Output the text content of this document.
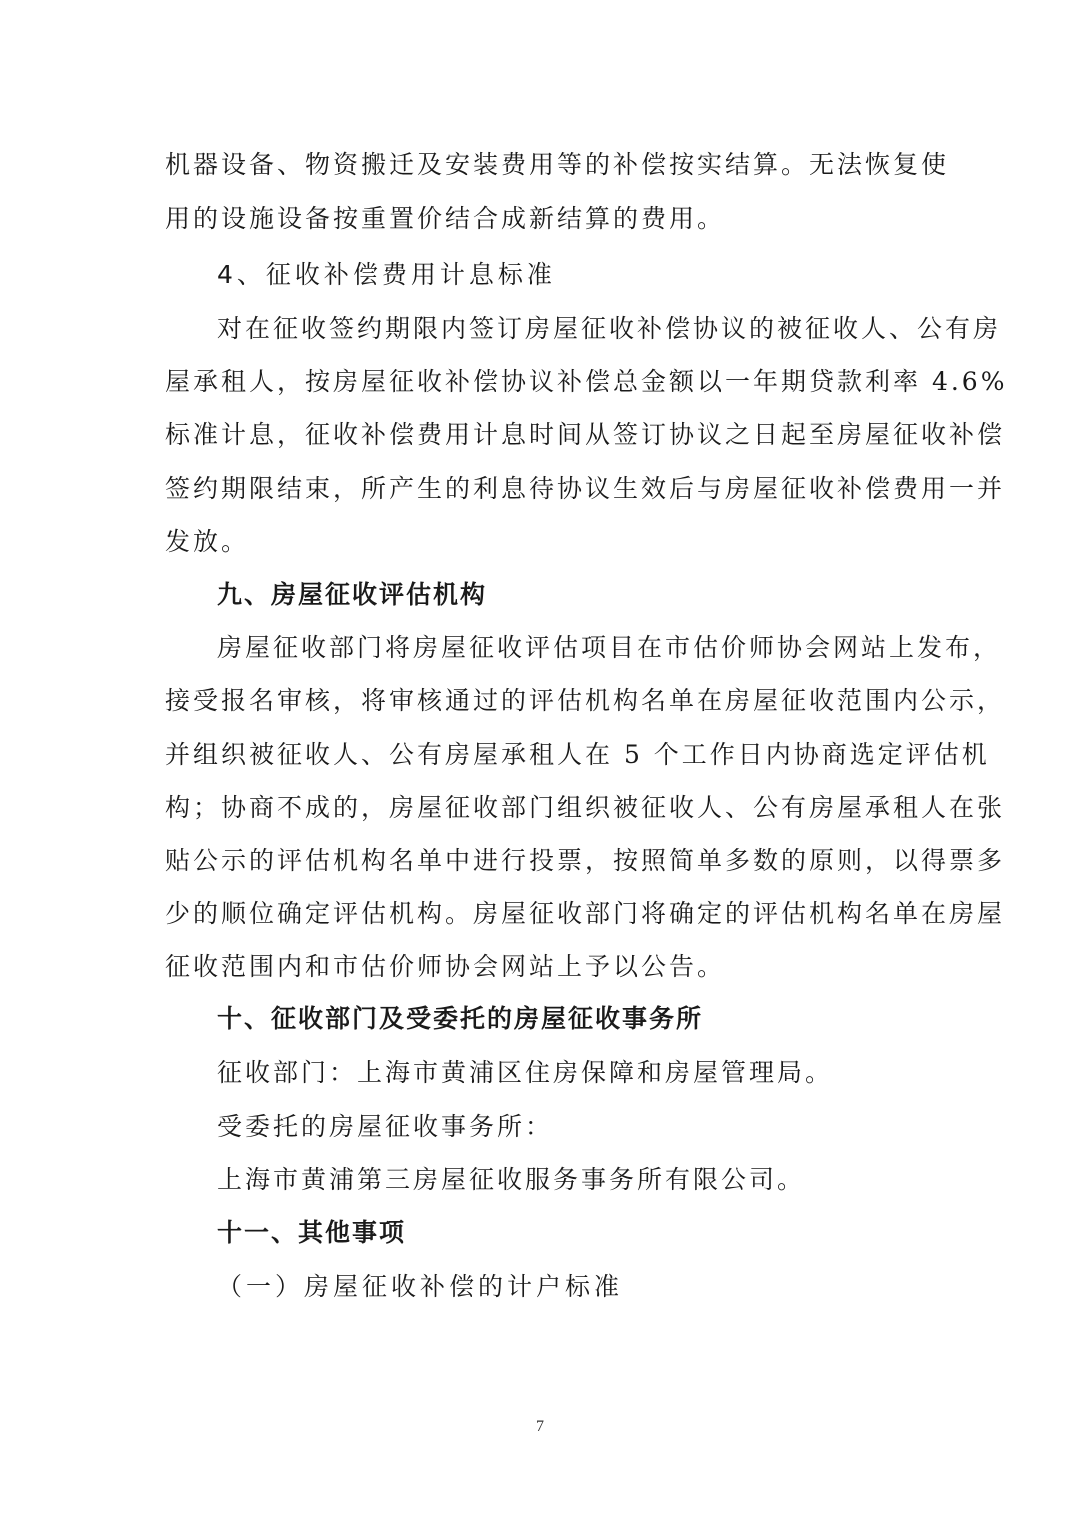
机器设备、物资搬迁及安装费用等的补偿按实结算。无法恢复使
用的设施设备按重置价结合成新结算的费用。
4、征收补偿费用计息标准
对在征收签约期限内签订房屋征收补偿协议的被征收人、公有房
屋承租人，按房屋征收补偿协议补偿总金额以一年期贷款利率 4.6%
标准计息，征收补偿费用计息时间从签订协议之日起至房屋征收补偿
签约期限结束，所产生的利息待协议生效后与房屋征收补偿费用一并
发放。
九、房屋征收评估机构
房屋征收部门将房屋征收评估项目在市估价师协会网站上发布，
接受报名审核，将审核通过的评估机构名单在房屋征收范围内公示，
并组织被征收人、公有房屋承租人在 5 个工作日内协商选定评估机
构；协商不成的，房屋征收部门组织被征收人、公有房屋承租人在张
贴公示的评估机构名单中进行投票，按照简单多数的原则，以得票多
少的顺位确定评估机构。房屋征收部门将确定的评估机构名单在房屋
征收范围内和市估价师协会网站上予以公告。
十、征收部门及受委托的房屋征收事务所
征收部门：上海市黄浦区住房保障和房屋管理局。
受委托的房屋征收事务所：
上海市黄浦第三房屋征收服务事务所有限公司。
十一、其他事项
（一）房屋征收补偿的计户标准
7
